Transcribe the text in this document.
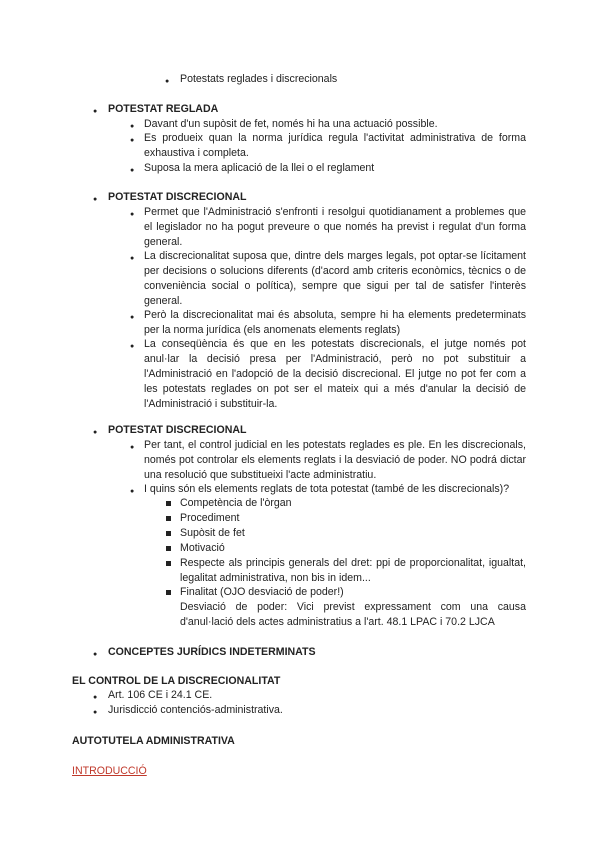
● Potestats reglades i discrecionals
● POTESTAT REGLADA
● Davant d'un supòsit de fet, només hi ha una actuació possible.
● Es produeix quan la norma jurídica regula l'activitat administrativa de forma exhaustiva i completa.
● Suposa la mera aplicació de la llei o el reglament
● POTESTAT DISCRECIONAL
● Permet que l'Administració s'enfronti i resolgui quotidianament a problemes que el legislador no ha pogut preveure o que només ha previst i regulat d'un forma general.
● La discrecionalitat suposa que, dintre dels marges legals, pot optar-se lícitament per decisions o solucions diferents (d'acord amb criteris econòmics, tècnics o de conveniència social o política), sempre que sigui per tal de satisfer l'interès general.
● Però la discrecionalitat mai és absoluta, sempre hi ha elements predeterminats per la norma jurídica (els anomenats elements reglats)
● La conseqüència és que en les potestats discrecionals, el jutge només pot anul·lar la decisió presa per l'Administració, però no pot substituir a l'Administració en l'adopció de la decisió discrecional. El jutge no pot fer com a les potestats reglades on pot ser el mateix qui a més d'anular la decisió de l'Administració i substituir-la.
● POTESTAT DISCRECIONAL
● Per tant, el control judicial en les potestats reglades es ple. En les discrecionals, només pot controlar els elements reglats i la desviació de poder. NO podrá dictar una resolució que substitueixi l'acte administratiu.
● I quins són els elements reglats de tota potestat (també de les discrecionals)?
Competència de l'òrgan
Procediment
Supòsit de fet
Motivació
Respecte als principis generals del dret: ppi de proporcionalitat, igualtat, legalitat administrativa, non bis in idem...
Finalitat (OJO desviació de poder!)
Desviació de poder: Vici previst expressament com una causa d'anul·lació dels actes administratius a l'art. 48.1 LPAC i 70.2 LJCA
● CONCEPTES JURÍDICS INDETERMINATS
EL CONTROL DE LA DISCRECIONALITAT
● Art. 106 CE i 24.1 CE.
● Jurisdicció contenciós-administrativa.
AUTOTUTELA ADMINISTRATIVA
INTRODUCCIÓ
